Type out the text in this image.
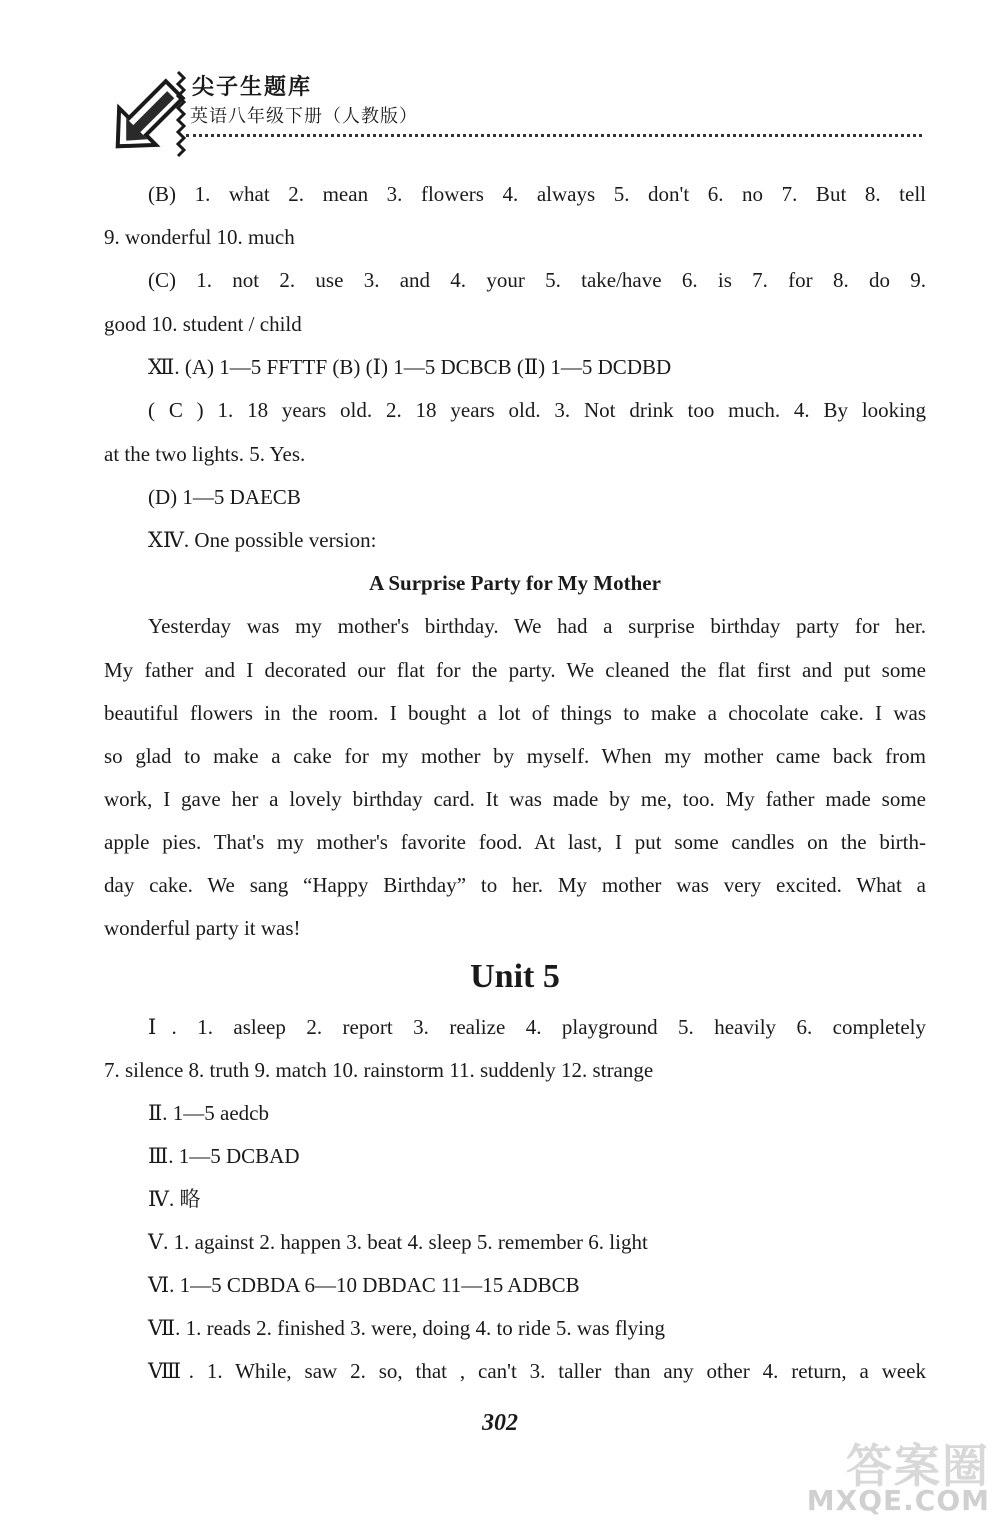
尖子生题库
英语八年级下册（人教版）
(B) 1. what 2. mean 3. flowers 4. always 5. don't 6. no 7. But 8. tell
9. wonderful 10. much
(C) 1. not 2. use 3. and 4. your 5. take/have 6. is 7. for 8. do 9.
good 10. student / child
Ⅻ. (A) 1—5 FFTTF (B) (Ⅰ) 1—5 DCBCB (Ⅱ) 1—5 DCDBD
( C ) 1. 18 years old. 2. 18 years old. 3. Not drink too much. 4. By looking
at the two lights. 5. Yes.
(D) 1—5 DAECB
ⅩⅣ. One possible version:
A Surprise Party for My Mother
Yesterday was my mother's birthday. We had a surprise birthday party for her.
My father and I decorated our flat for the party. We cleaned the flat first and put some
beautiful flowers in the room. I bought a lot of things to make a chocolate cake. I was
so glad to make a cake for my mother by myself. When my mother came back from
work, I gave her a lovely birthday card. It was made by me, too. My father made some
apple pies. That's my mother's favorite food. At last, I put some candles on the birth-
day cake. We sang “Happy Birthday” to her. My mother was very excited. What a
wonderful party it was!
Unit 5
Ⅰ. 1. asleep 2. report 3. realize 4. playground 5. heavily 6. completely
7. silence 8. truth 9. match 10. rainstorm 11. suddenly 12. strange
Ⅱ. 1—5 aedcb
Ⅲ. 1—5 DCBAD
Ⅳ. 略
Ⅴ. 1. against 2. happen 3. beat 4. sleep 5. remember 6. light
Ⅵ. 1—5 CDBDA 6—10 DBDAC 11—15 ADBCB
Ⅶ. 1. reads 2. finished 3. were, doing 4. to ride 5. was flying
Ⅷ. 1. While, saw 2. so, that , can't 3. taller than any other 4. return, a week
302
答案圈
MXQE.COM
